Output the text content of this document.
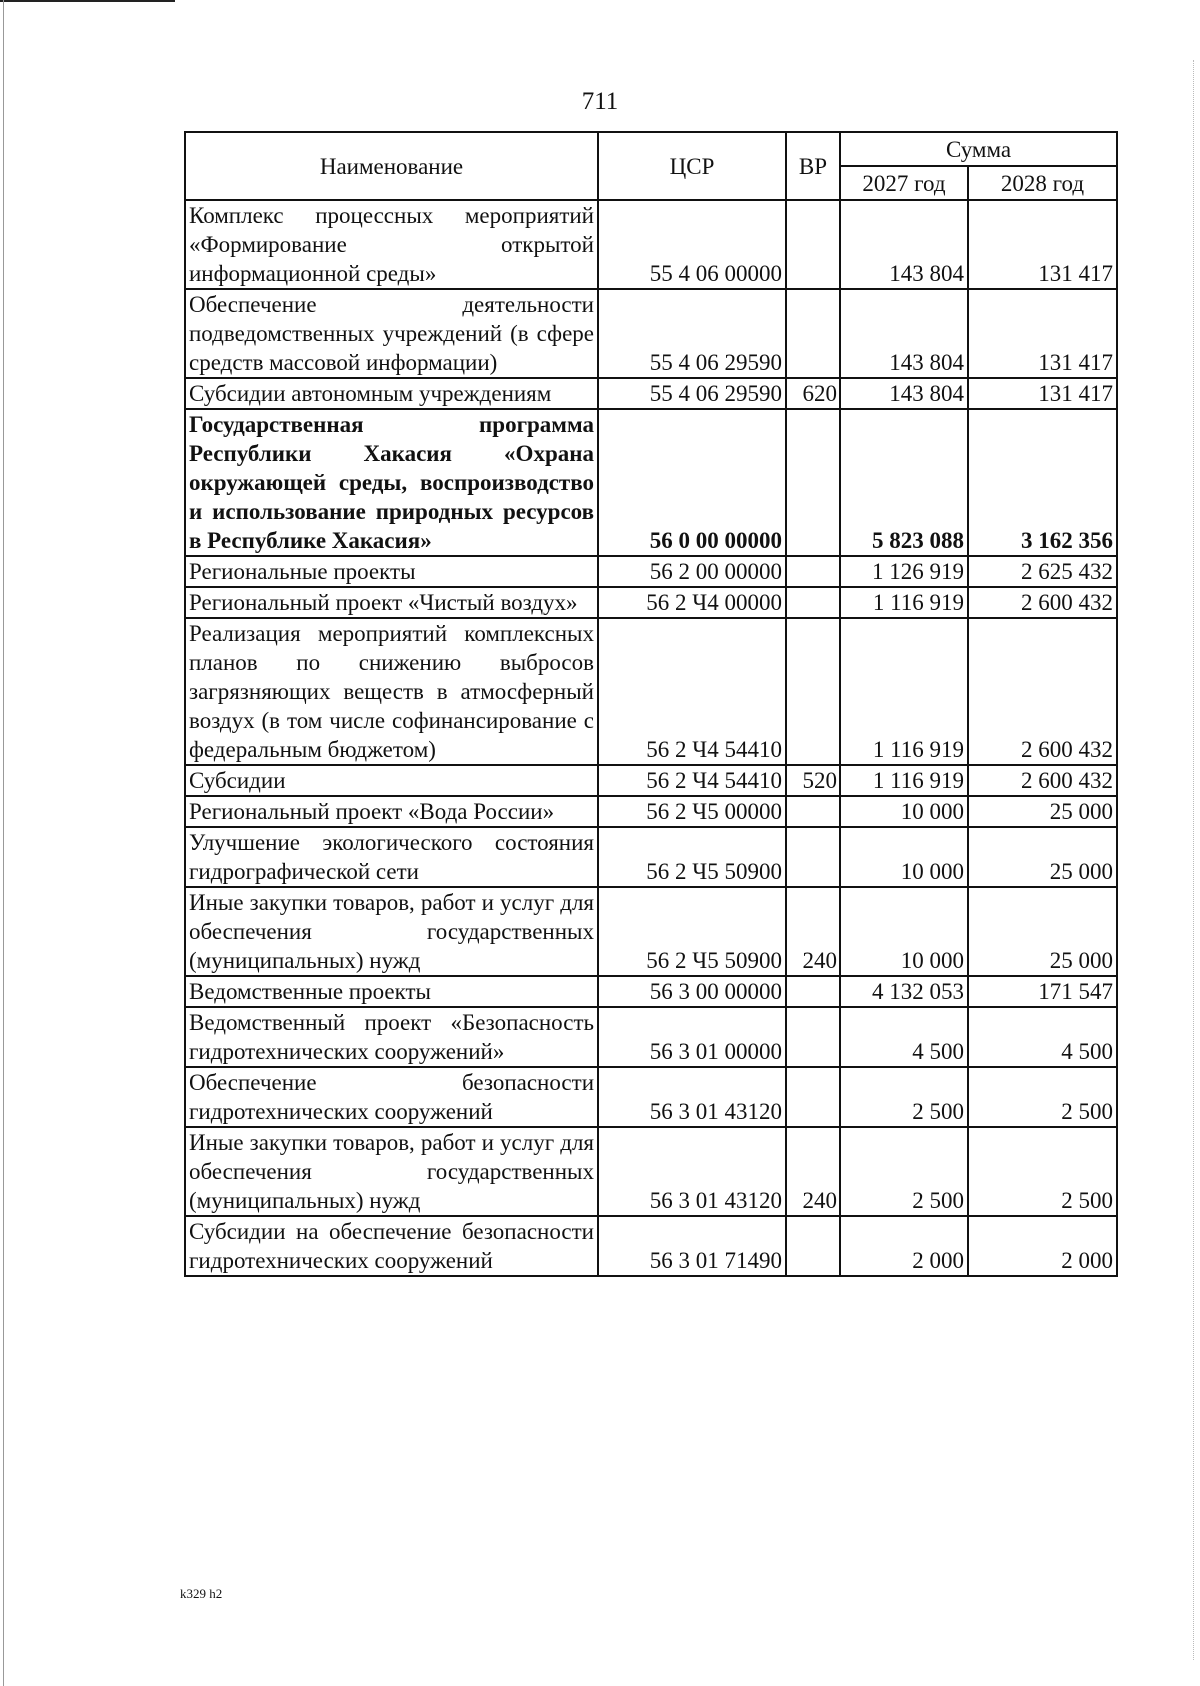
711
Наименование	ЦСР	ВР	Сумма	
			2027 год	2028 год
Комплекс процессных мероприятий «Формирование открытой информационной среды»	55 4 06 00000		143 804	131 417
Обеспечение деятельности подведомственных учреждений (в сфере средств массовой информации)	55 4 06 29590		143 804	131 417
Субсидии автономным учреждениям	55 4 06 29590	620	143 804	131 417
Государственная программа Республики Хакасия «Охрана окружающей среды, воспроизводство и использование природных ресурсов в Республике Хакасия»	56 0 00 00000		5 823 088	3 162 356
Региональные проекты	56 2 00 00000		1 126 919	2 625 432
Региональный проект «Чистый воздух»	56 2 Ч4 00000		1 116 919	2 600 432
Реализация мероприятий комплексных планов по снижению выбросов загрязняющих веществ в атмосферный воздух (в том числе софинансирование с федеральным бюджетом)	56 2 Ч4 54410		1 116 919	2 600 432
Субсидии	56 2 Ч4 54410	520	1 116 919	2 600 432
Региональный проект «Вода России»	56 2 Ч5 00000		10 000	25 000
Улучшение экологического состояния гидрографической сети	56 2 Ч5 50900		10 000	25 000
Иные закупки товаров, работ и услуг для обеспечения государственных (муниципальных) нужд	56 2 Ч5 50900	240	10 000	25 000
Ведомственные проекты	56 3 00 00000		4 132 053	171 547
Ведомственный проект «Безопасность гидротехнических сооружений»	56 3 01 00000		4 500	4 500
Обеспечение безопасности гидротехнических сооружений	56 3 01 43120		2 500	2 500
Иные закупки товаров, работ и услуг для обеспечения государственных (муниципальных) нужд	56 3 01 43120	240	2 500	2 500
Субсидии на обеспечение безопасности гидротехнических сооружений	56 3 01 71490		2 000	2 000
k329 h2
